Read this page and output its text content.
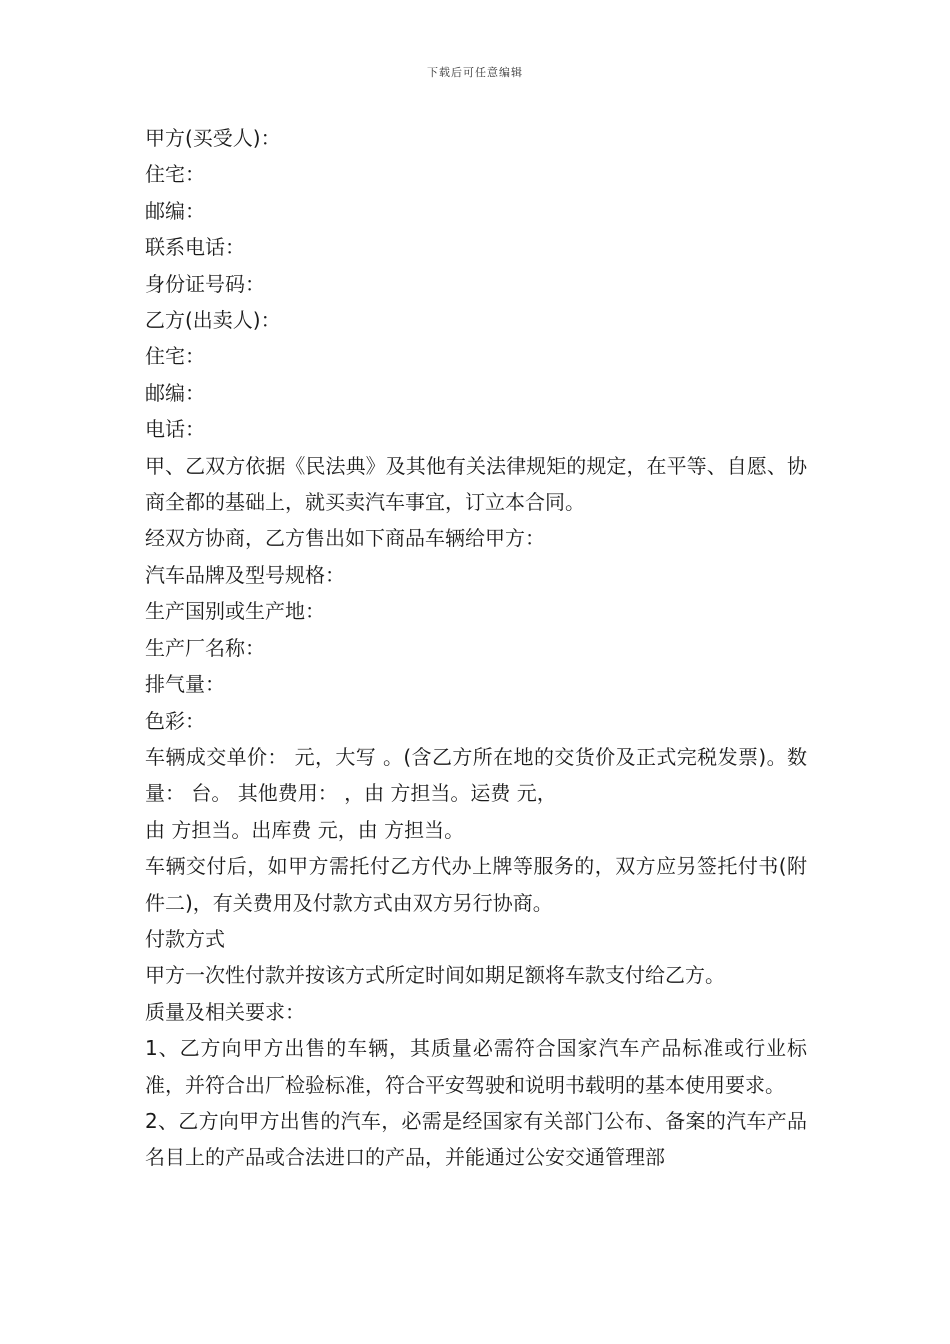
下载后可任意编辑

甲方(买受人)：

住宅：

邮编：

联系电话：

身份证号码：

乙方(出卖人)：

住宅：

邮编：

电话：

甲、乙双方依据《民法典》及其他有关法律规矩的规定，在平等、自愿、协商全都的基础上，就买卖汽车事宜，订立本合同。

经双方协商，乙方售出如下商品车辆给甲方：

汽车品牌及型号规格：

生产国别或生产地：

生产厂名称：

排气量：

色彩：

车辆成交单价： 元，大写 。(含乙方所在地的交货价及正式完税发票)。数量： 台。 其他费用： ，由 方担当。运费 元，

由 方担当。出库费 元，由 方担当。

车辆交付后，如甲方需托付乙方代办上牌等服务的，双方应另签托付书(附件二)，有关费用及付款方式由双方另行协商。

付款方式

甲方一次性付款并按该方式所定时间如期足额将车款支付给乙方。

质量及相关要求：

1、乙方向甲方出售的车辆，其质量必需符合国家汽车产品标准或行业标准，并符合出厂检验标准，符合平安驾驶和说明书载明的基本使用要求。

2、乙方向甲方出售的汽车，必需是经国家有关部门公布、备案的汽车产品名目上的产品或合法进口的产品，并能通过公安交通管理部
